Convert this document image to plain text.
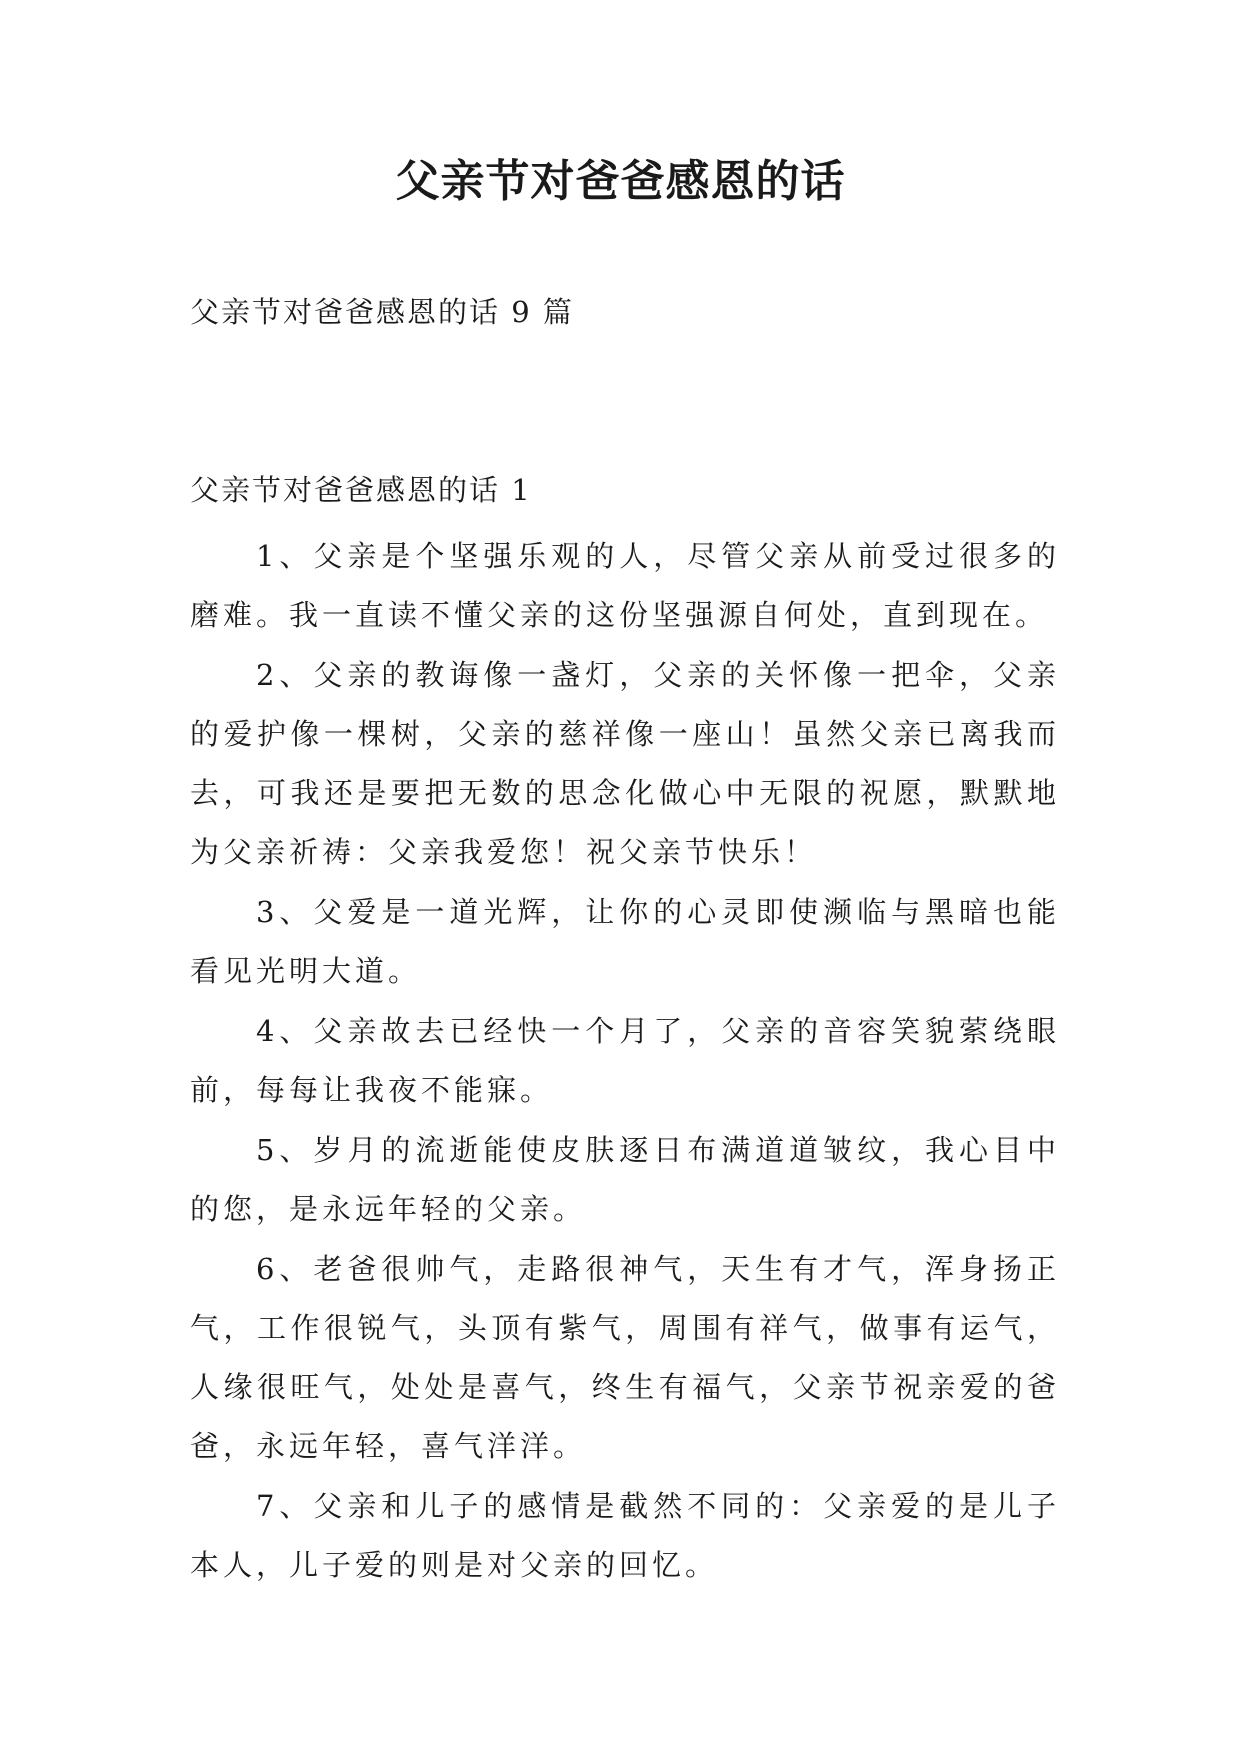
父亲节对爸爸感恩的话
父亲节对爸爸感恩的话 9 篇
父亲节对爸爸感恩的话 1

1、父亲是个坚强乐观的人，尽管父亲从前受过很多的磨难。我一直读不懂父亲的这份坚强源自何处，直到现在。

2、父亲的教诲像一盏灯，父亲的关怀像一把伞，父亲的爱护像一棵树，父亲的慈祥像一座山！虽然父亲已离我而去，可我还是要把无数的思念化做心中无限的祝愿，默默地为父亲祈祷：父亲我爱您！祝父亲节快乐！

3、父爱是一道光辉，让你的心灵即使濒临与黑暗也能看见光明大道。

4、父亲故去已经快一个月了，父亲的音容笑貌萦绕眼前，每每让我夜不能寐。

5、岁月的流逝能使皮肤逐日布满道道皱纹，我心目中的您，是永远年轻的父亲。

6、老爸很帅气，走路很神气，天生有才气，浑身扬正气，工作很锐气，头顶有紫气，周围有祥气，做事有运气，人缘很旺气，处处是喜气，终生有福气，父亲节祝亲爱的爸爸，永远年轻，喜气洋洋。

7、父亲和儿子的感情是截然不同的：父亲爱的是儿子本人，儿子爱的则是对父亲的回忆。
